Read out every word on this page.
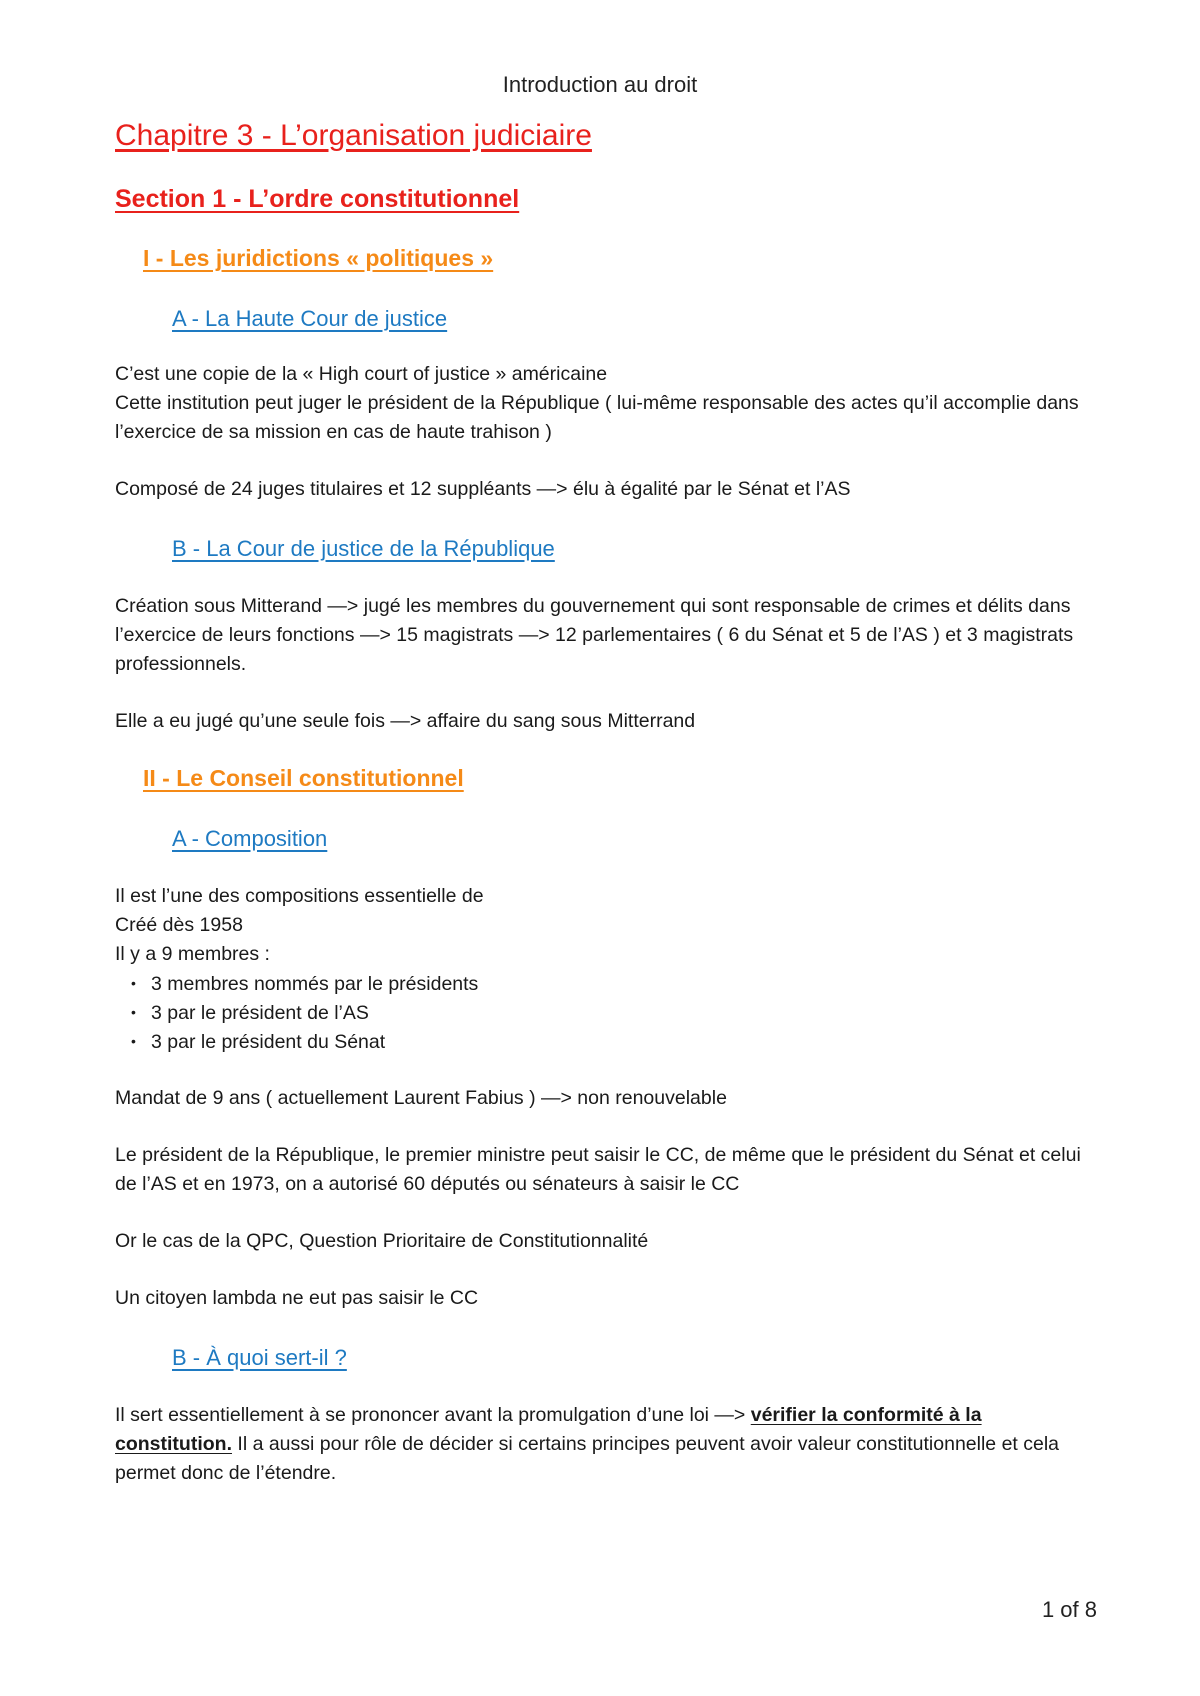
Introduction au droit
Chapitre 3 - L’organisation judiciaire
Section 1 - L’ordre constitutionnel
I - Les juridictions « politiques »
A - La Haute Cour de justice

C’est une copie de la « High court of justice » américaine

Cette institution peut juger le président de la République ( lui-même responsable des actes qu’il accomplie dans l’exercice de sa mission en cas de haute trahison )

Composé de 24 juges titulaires et 12 suppléants —> élu à égalité par le Sénat et l’AS

B - La Cour de justice de la République

Création sous Mitterand —> jugé les membres du gouvernement qui sont responsable de crimes et délits dans l’exercice de leurs fonctions —> 15 magistrats —> 12 parlementaires ( 6 du Sénat et 5 de l’AS ) et 3 magistrats professionnels.

Elle a eu jugé qu’une seule fois —> affaire du sang sous Mitterrand

II - Le Conseil constitutionnel
A - Composition

Il est l’une des compositions essentielle de

Créé dès 1958

Il y a 9 membres :

• 3 membres nommés par le présidents
• 3 par le président de l’AS
• 3 par le président du Sénat

Mandat de 9 ans ( actuellement Laurent Fabius ) —> non renouvelable

Le président de la République, le premier ministre peut saisir le CC, de même que le président du Sénat et celui de l’AS et en 1973, on a autorisé 60 députés ou sénateurs à saisir le CC

Or le cas de la QPC, Question Prioritaire de Constitutionnalité

Un citoyen lambda ne eut pas saisir le CC

B - À quoi sert-il ?

Il sert essentiellement à se prononcer avant la promulgation d’une loi —> vérifier la conformité à la constitution. Il a aussi pour rôle de décider si certains principes peuvent avoir valeur constitutionnelle et cela permet donc de l’étendre.

1 of 8
